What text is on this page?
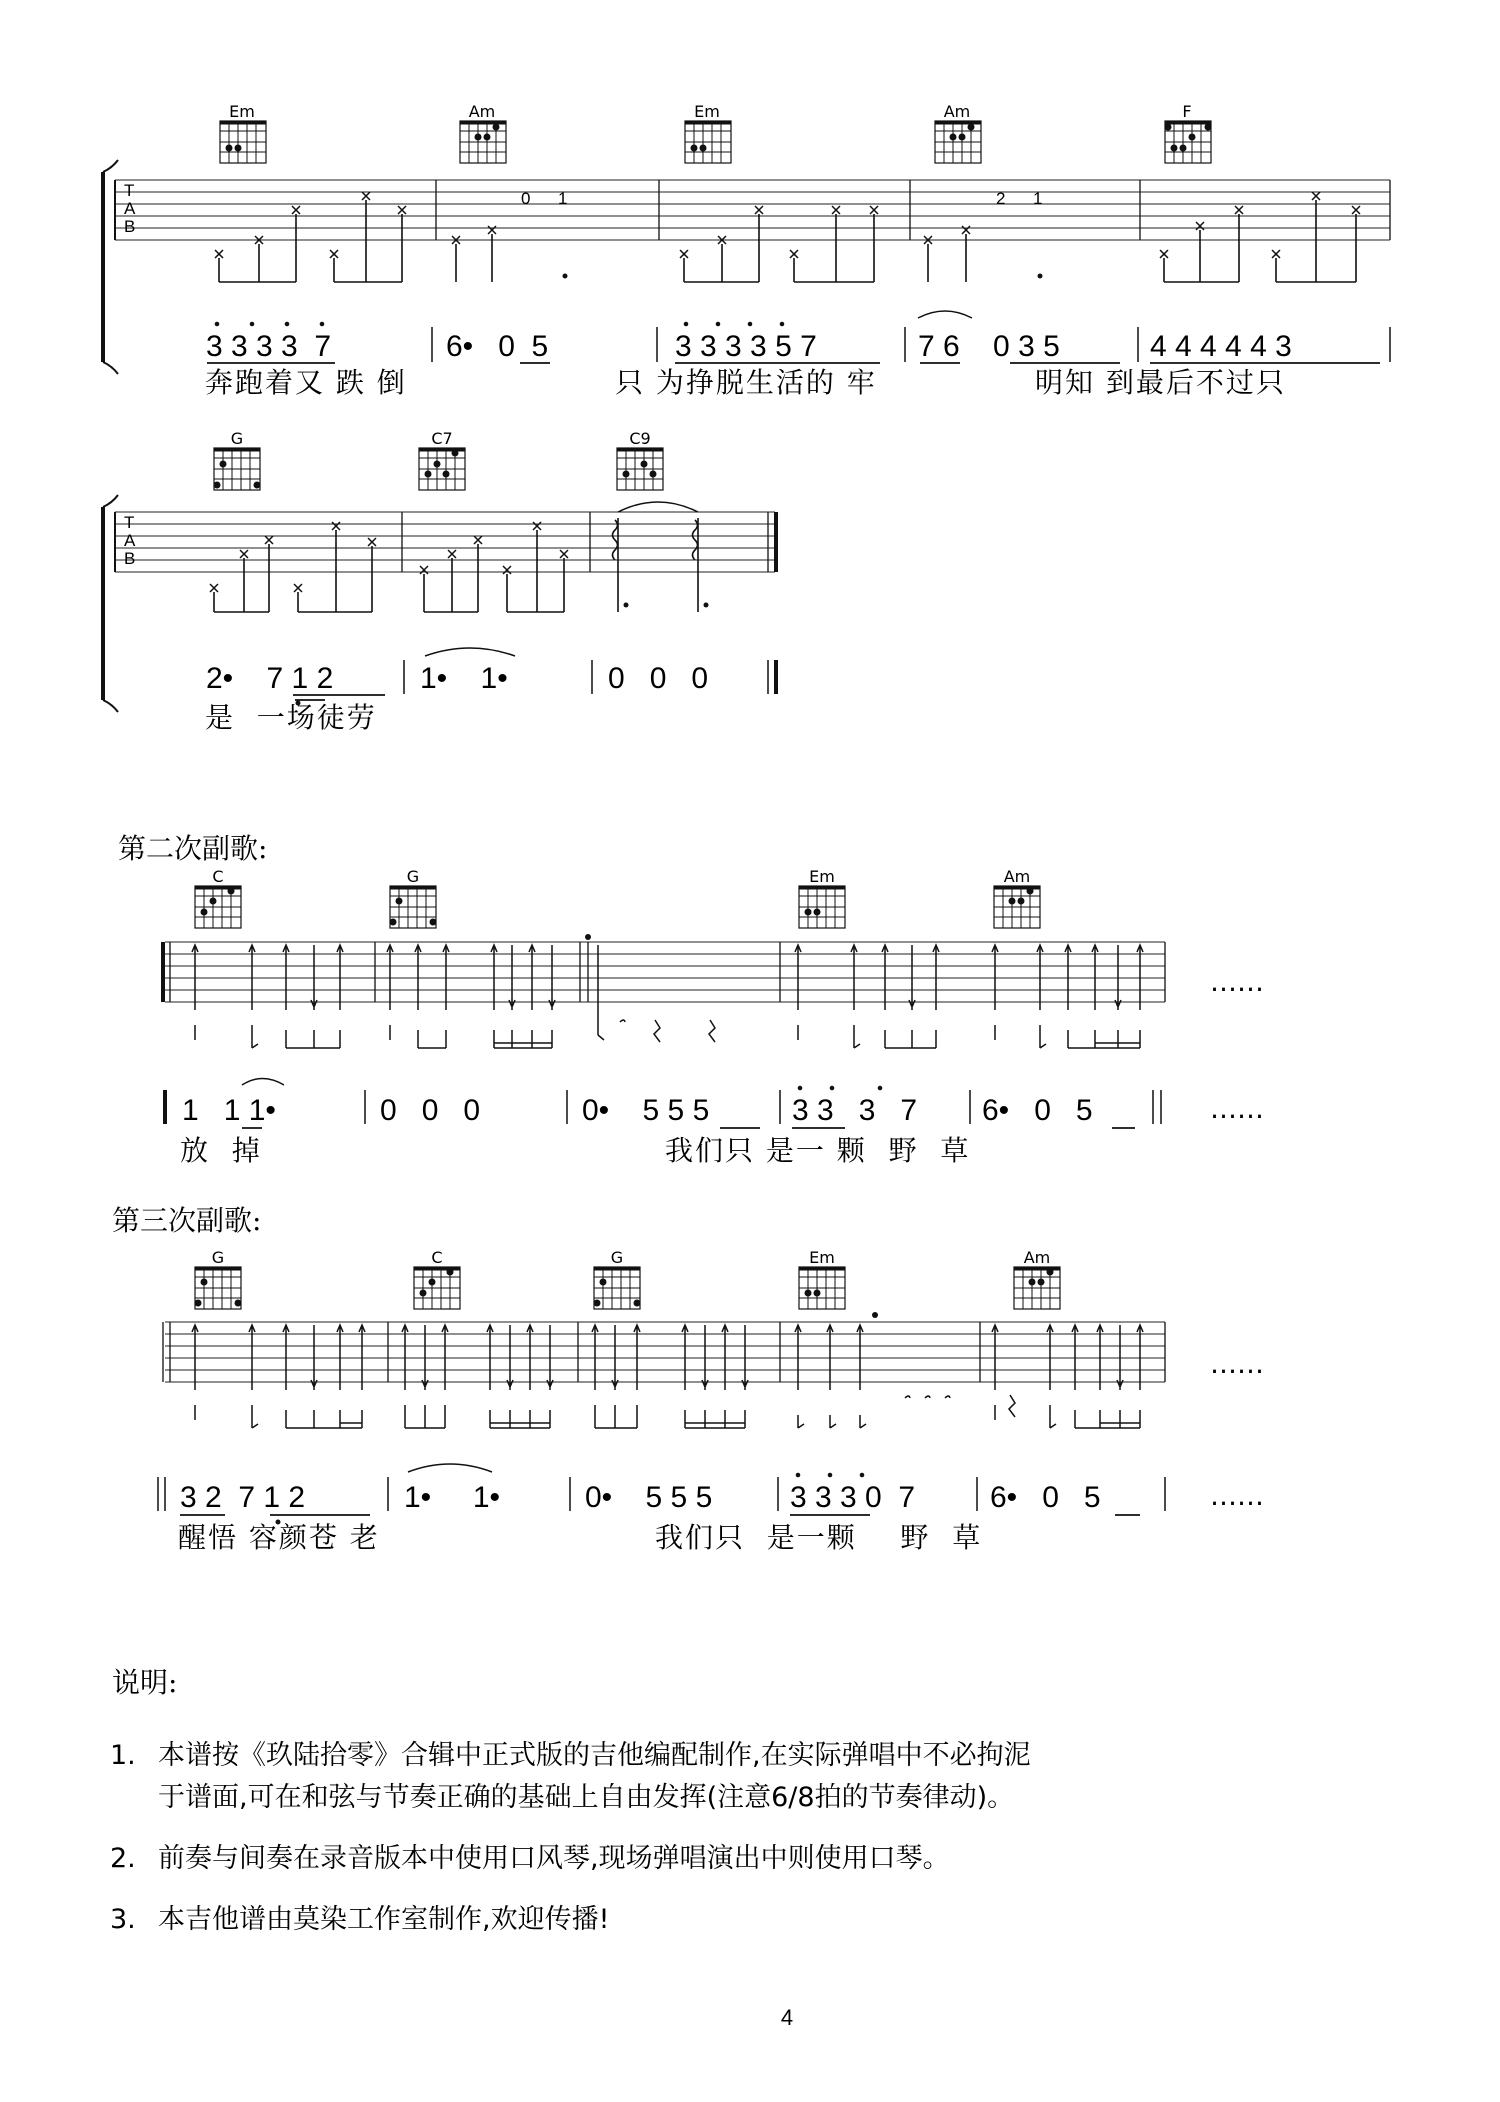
Em	Am	Em	Am	F
T
A
B
0 1	2 1
3 3 3 3  7	6•   0  5	3 3 3 3 5 7	7 6    0 3 5	4 4 4 4 4 3
奔跑着又 跌 倒	只 为挣脱生活的 牢	明知 到最后不过只
G	C7	C9
T
A
B
2•    7 1 2	1•    1•	0   0   0
是  一场徒劳
第二次副歌:
C	G	Em	Am
……
1   1 1•	0   0   0	0•    5 5 5	3 3   3   7 6•   0   5	……
放  掉	我们只 是一 颗  野  草
第三次副歌:
G	C	G	Em	Am
……
3 2  7 1 2	1•     1•	0•    5 5 5	3 3 3 0  7 6•   0   5	……
醒悟 容颜苍 老	我们只  是一颗    野  草
说明:
1. 本谱按《玖陆拾零》合辑中正式版的吉他编配制作,在实际弹唱中不必拘泥
于谱面,可在和弦与节奏正确的基础上自由发挥(注意6/8拍的节奏律动)。
2. 前奏与间奏在录音版本中使用口风琴,现场弹唱演出中则使用口琴。
3. 本吉他谱由莫染工作室制作,欢迎传播!
4
